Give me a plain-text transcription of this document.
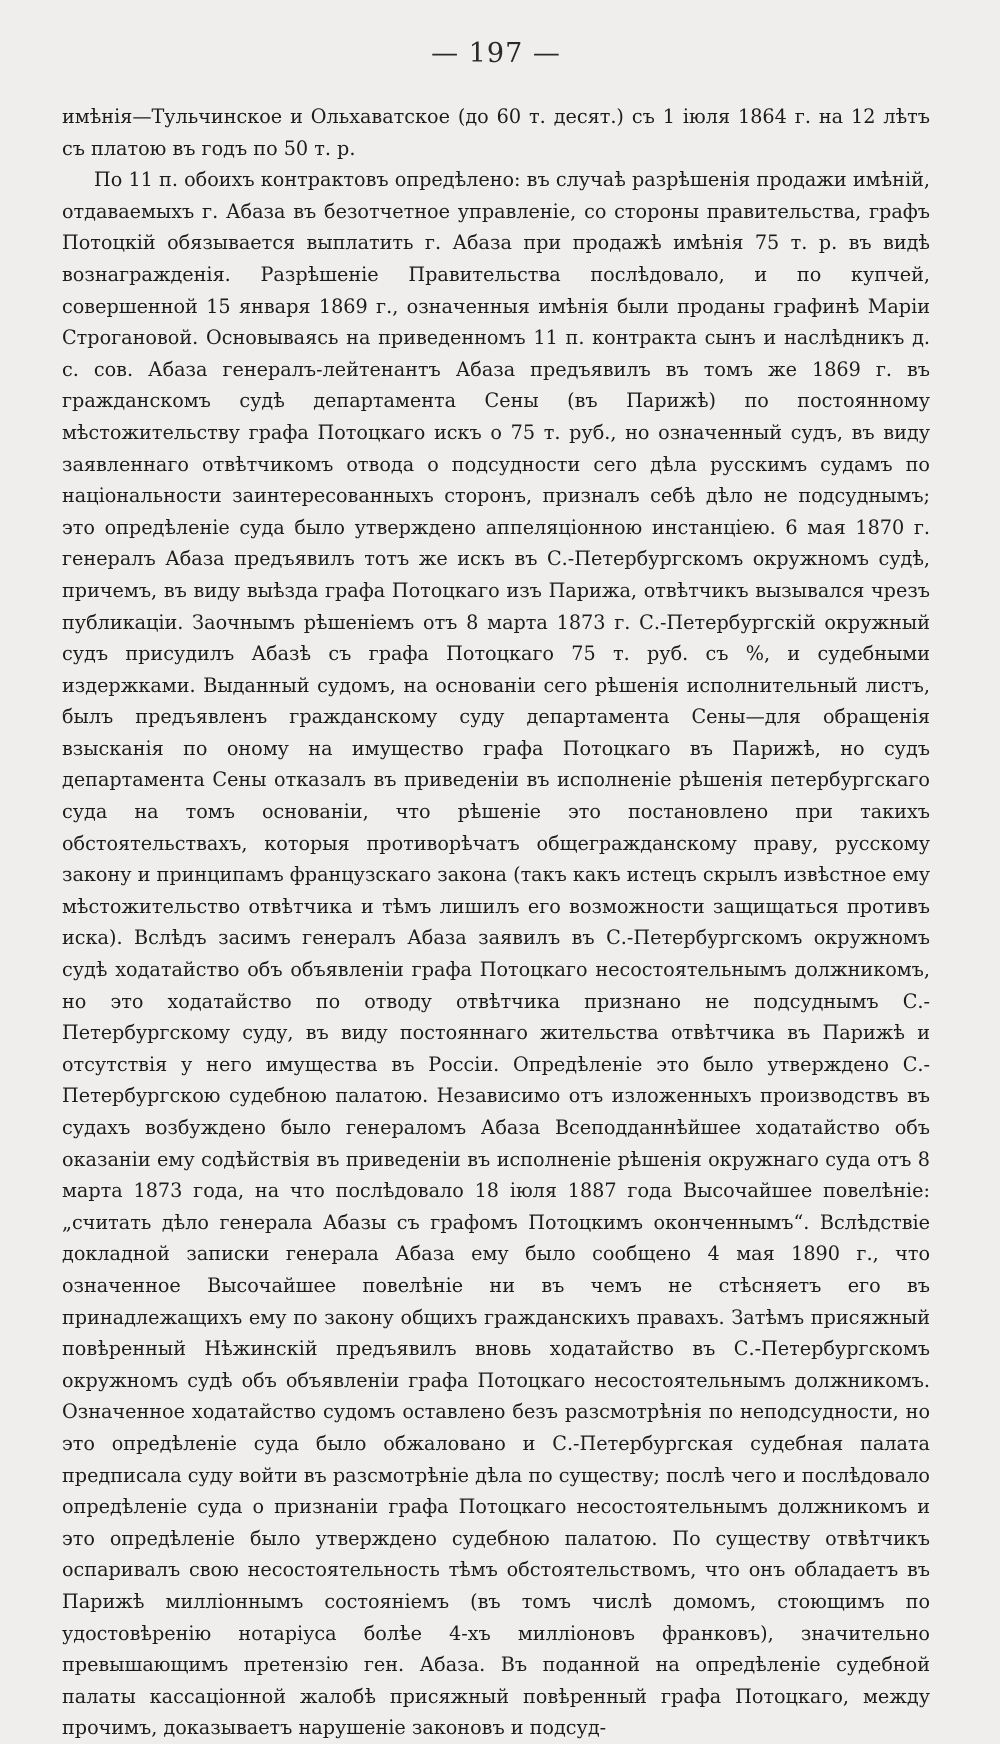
— 197 —

имѣнія—Тульчинское и Ольхаватское (до 60 т. десят.) съ 1 іюля 1864 г. на 12 лѣтъ съ платою въ годъ по 50 т. р.

По 11 п. обоихъ контрактовъ опредѣлено: въ случаѣ разрѣшенія продажи имѣній, отдаваемыхъ г. Абаза въ безотчетное управленіе, со стороны правительства, графъ Потоцкій обязывается выплатить г. Абаза при продажѣ имѣнія 75 т. р. въ видѣ вознагражденія. Разрѣшеніе Правительства послѣдовало, и по купчей, совершенной 15 января 1869 г., означенныя имѣнія были проданы графинѣ Маріи Строгановой. Основываясь на приведенномъ 11 п. контракта сынъ и наслѣдникъ д. с. сов. Абаза генералъ-лейтенантъ Абаза предъявилъ въ томъ же 1869 г. въ гражданскомъ судѣ департамента Сены (въ Парижѣ) по постоянному мѣстожительству графа Потоцкаго искъ о 75 т. руб., но означенный судъ, въ виду заявленнаго отвѣтчикомъ отвода о подсудности сего дѣла русскимъ судамъ по національности заинтересованныхъ сторонъ, призналъ себѣ дѣло не подсуднымъ; это опредѣленіе суда было утверждено аппеляціонною инстанціею. 6 мая 1870 г. генералъ Абаза предъявилъ тотъ же искъ въ С.-Петербургскомъ окружномъ судѣ, причемъ, въ виду выѣзда графа Потоцкаго изъ Парижа, отвѣтчикъ вызывался чрезъ публикаціи. Заочнымъ рѣшеніемъ отъ 8 марта 1873 г. С.-Петербургскій окружный судъ присудилъ Абазѣ съ графа Потоцкаго 75 т. руб. съ %, и судебными издержками. Выданный судомъ, на основаніи сего рѣшенія исполнительный листъ, былъ предъявленъ гражданскому суду департамента Сены—для обращенія взысканія по оному на имущество графа Потоцкаго въ Парижѣ, но судъ департамента Сены отказалъ въ приведеніи въ исполненіе рѣшенія петербургскаго суда на томъ основаніи, что рѣшеніе это постановлено при такихъ обстоятельствахъ, которыя противорѣчатъ общегражданскому праву, русскому закону и принципамъ французскаго закона (такъ какъ истецъ скрылъ извѣстное ему мѣстожительство отвѣтчика и тѣмъ лишилъ его возможности защищаться противъ иска). Вслѣдъ засимъ генералъ Абаза заявилъ въ С.-Петербургскомъ окружномъ судѣ ходатайство объ объявленіи графа Потоцкаго несостоятельнымъ должникомъ, но это ходатайство по отводу отвѣтчика признано не подсуднымъ С.-Петербургскому суду, въ виду постояннаго жительства отвѣтчика въ Парижѣ и отсутствія у него имущества въ Россіи. Опредѣленіе это было утверждено С.-Петербургскою судебною палатою. Независимо отъ изложенныхъ производствъ въ судахъ возбуждено было генераломъ Абаза Всеподданнѣйшее ходатайство объ оказаніи ему содѣйствія въ приведеніи въ исполненіе рѣшенія окружнаго суда отъ 8 марта 1873 года, на что послѣдовало 18 іюля 1887 года Высочайшее повелѣніе: „считать дѣло генерала Абазы съ графомъ Потоцкимъ оконченнымъ“. Вслѣдствіе докладной записки генерала Абаза ему было сообщено 4 мая 1890 г., что означенное Высочайшее повелѣніе ни въ чемъ не стѣсняетъ его въ принадлежащихъ ему по закону общихъ гражданскихъ правахъ. Затѣмъ присяжный повѣренный Нѣжинскій предъявилъ вновь ходатайство въ С.-Петербургскомъ окружномъ судѣ объ объявленіи графа Потоцкаго несостоятельнымъ должникомъ. Означенное ходатайство судомъ оставлено безъ разсмотрѣнія по неподсудности, но это опредѣленіе суда было обжаловано и С.-Петербургская судебная палата предписала суду войти въ разсмотрѣніе дѣла по существу; послѣ чего и послѣдовало опредѣленіе суда о признаніи графа Потоцкаго несостоятельнымъ должникомъ и это опредѣленіе было утверждено судебною палатою. По существу отвѣтчикъ оспаривалъ свою несостоятельность тѣмъ обстоятельствомъ, что онъ обладаетъ въ Парижѣ милліоннымъ состояніемъ (въ томъ числѣ домомъ, стоющимъ по удостовѣренію нотаріуса болѣе 4-хъ милліоновъ франковъ), значительно превышающимъ претензію ген. Абаза. Въ поданной на опредѣленіе судебной палаты кассаціонной жалобѣ присяжный повѣренный графа Потоцкаго, между прочимъ, доказываетъ нарушеніе законовъ и подсуд-
